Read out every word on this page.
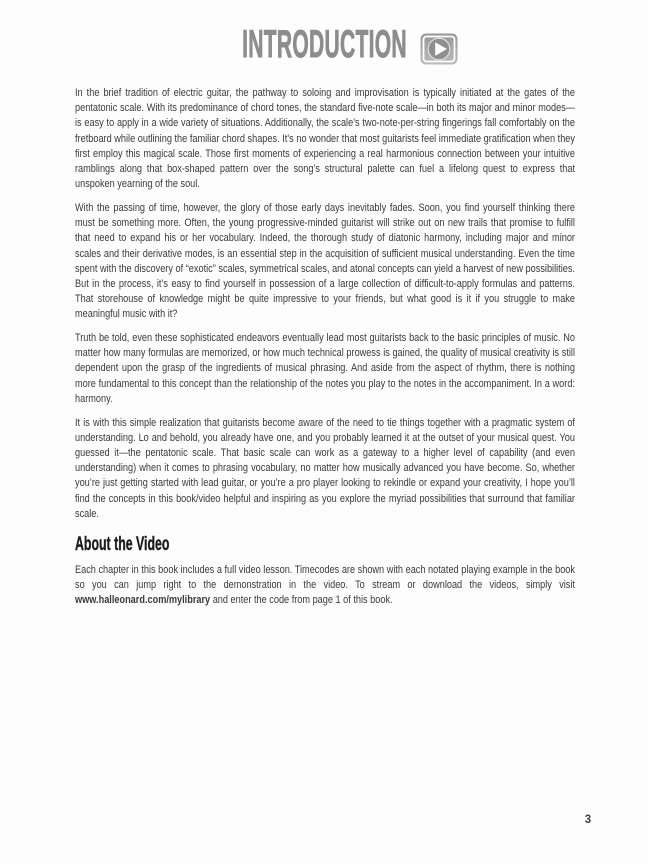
INTRODUCTION

In the brief tradition of electric guitar, the pathway to soloing and improvisation is typically initiated at the gates of the pentatonic scale. With its predominance of chord tones, the standard five-note scale—in both its major and minor modes—is easy to apply in a wide variety of situations. Additionally, the scale’s two-note-per-string fingerings fall comfortably on the fretboard while outlining the familiar chord shapes. It’s no wonder that most guitarists feel immediate gratification when they first employ this magical scale. Those first moments of experiencing a real harmonious connection between your intuitive ramblings along that box-shaped pattern over the song’s structural palette can fuel a lifelong quest to express that unspoken yearning of the soul.

With the passing of time, however, the glory of those early days inevitably fades. Soon, you find yourself thinking there must be something more. Often, the young progressive-minded guitarist will strike out on new trails that promise to fulfill that need to expand his or her vocabulary. Indeed, the thorough study of diatonic harmony, including major and minor scales and their derivative modes, is an essential step in the acquisition of sufficient musical understanding. Even the time spent with the discovery of “exotic” scales, symmetrical scales, and atonal concepts can yield a harvest of new possibilities. But in the process, it’s easy to find yourself in possession of a large collection of difficult-to-apply formulas and patterns. That storehouse of knowledge might be quite impressive to your friends, but what good is it if you struggle to make meaningful music with it?

Truth be told, even these sophisticated endeavors eventually lead most guitarists back to the basic principles of music. No matter how many formulas are memorized, or how much technical prowess is gained, the quality of musical creativity is still dependent upon the grasp of the ingredients of musical phrasing. And aside from the aspect of rhythm, there is nothing more fundamental to this concept than the relationship of the notes you play to the notes in the accompaniment. In a word: harmony.

It is with this simple realization that guitarists become aware of the need to tie things together with a pragmatic system of understanding. Lo and behold, you already have one, and you probably learned it at the outset of your musical quest. You guessed it—the pentatonic scale. That basic scale can work as a gateway to a higher level of capability (and even understanding) when it comes to phrasing vocabulary, no matter how musically advanced you have become. So, whether you’re just getting started with lead guitar, or you’re a pro player looking to rekindle or expand your creativity, I hope you’ll find the concepts in this book/video helpful and inspiring as you explore the myriad possibilities that surround that familiar scale.

About the Video

Each chapter in this book includes a full video lesson. Timecodes are shown with each notated playing example in the book so you can jump right to the demonstration in the video. To stream or download the videos, simply visit www.halleonard.com/mylibrary and enter the code from page 1 of this book.

3
